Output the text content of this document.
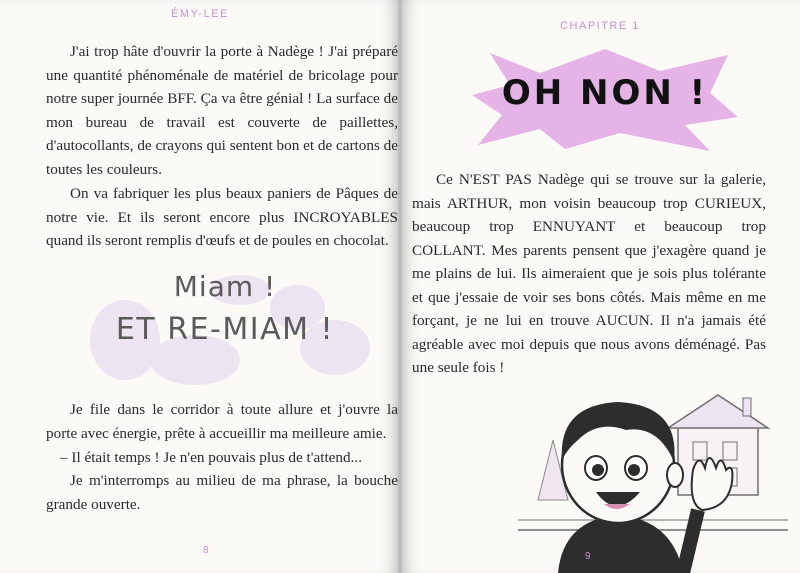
ÉMY-LEE

J'ai trop hâte d'ouvrir la porte à Nadège ! J'ai préparé une quantité phénoménale de matériel de bricolage pour notre super journée BFF. Ça va être génial ! La surface de mon bureau de travail est couverte de paillettes, d'autocollants, de crayons qui sentent bon et de cartons de toutes les couleurs.

On va fabriquer les plus beaux paniers de Pâques de notre vie. Et ils seront encore plus INCROYABLES quand ils seront remplis d'œufs et de poules en chocolat.

Miam !
ET RE-MIAM !

Je file dans le corridor à toute allure et j'ouvre la porte avec énergie, prête à accueillir ma meilleure amie.

– Il était temps ! Je n'en pouvais plus de t'attend...

Je m'interromps au milieu de ma phrase, la bouche grande ouverte.

8
CHAPITRE 1
OH NON !

Ce N'EST PAS Nadège qui se trouve sur la galerie, mais ARTHUR, mon voisin beaucoup trop CURIEUX, beaucoup trop ENNUYANT et beaucoup trop COLLANT. Mes parents pensent que j'exagère quand je me plains de lui. Ils aimeraient que je sois plus tolérante et que j'essaie de voir ses bons côtés. Mais même en me forçant, je ne lui en trouve AUCUN. Il n'a jamais été agréable avec moi depuis que nous avons déménagé. Pas une seule fois !

9
